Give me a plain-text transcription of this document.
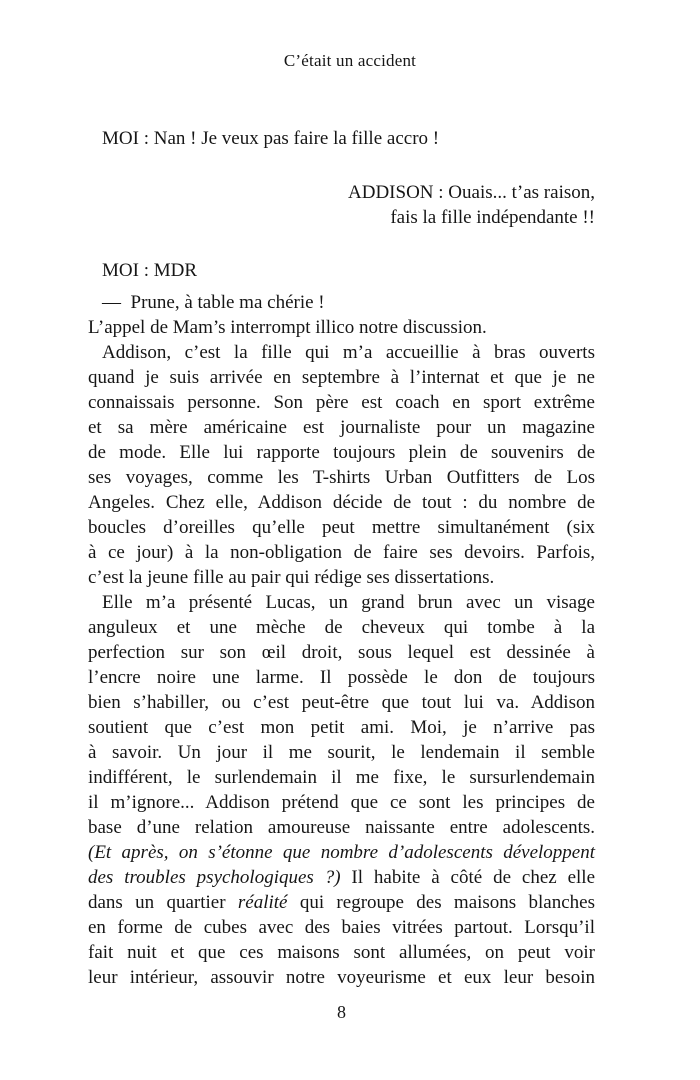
C’était un accident
MOI : Nan ! Je veux pas faire la fille accro !
ADDISON : Ouais... t’as raison,
fais la fille indépendante !!
MOI : MDR
—  Prune, à table ma chérie !
L’appel de Mam’s interrompt illico notre discussion.
Addison, c’est la fille qui m’a accueillie à bras ouverts
quand je suis arrivée en septembre à l’internat et que je ne
connaissais personne. Son père est coach en sport extrême
et sa mère américaine est journaliste pour un magazine
de mode. Elle lui rapporte toujours plein de souvenirs de
ses voyages, comme les T-shirts Urban Outfitters de Los
Angeles. Chez elle, Addison décide de tout : du nombre de
boucles d’oreilles qu’elle peut mettre simultanément (six
à ce jour) à la non-obligation de faire ses devoirs. Parfois,
c’est la jeune fille au pair qui rédige ses dissertations.
Elle m’a présenté Lucas, un grand brun avec un visage
anguleux et une mèche de cheveux qui tombe à la
perfection sur son œil droit, sous lequel est dessinée à
l’encre noire une larme. Il possède le don de toujours
bien s’habiller, ou c’est peut-être que tout lui va. Addison
soutient que c’est mon petit ami. Moi, je n’arrive pas
à savoir. Un jour il me sourit, le lendemain il semble
indifférent, le surlendemain il me fixe, le sursurlendemain
il m’ignore... Addison prétend que ce sont les principes de
base d’une relation amoureuse naissante entre adolescents.
(Et après, on s’étonne que nombre d’adolescents développent
des troubles psychologiques ?) Il habite à côté de chez elle
dans un quartier réalité qui regroupe des maisons blanches
en forme de cubes avec des baies vitrées partout. Lorsqu’il
fait nuit et que ces maisons sont allumées, on peut voir
leur intérieur, assouvir notre voyeurisme et eux leur besoin
8
